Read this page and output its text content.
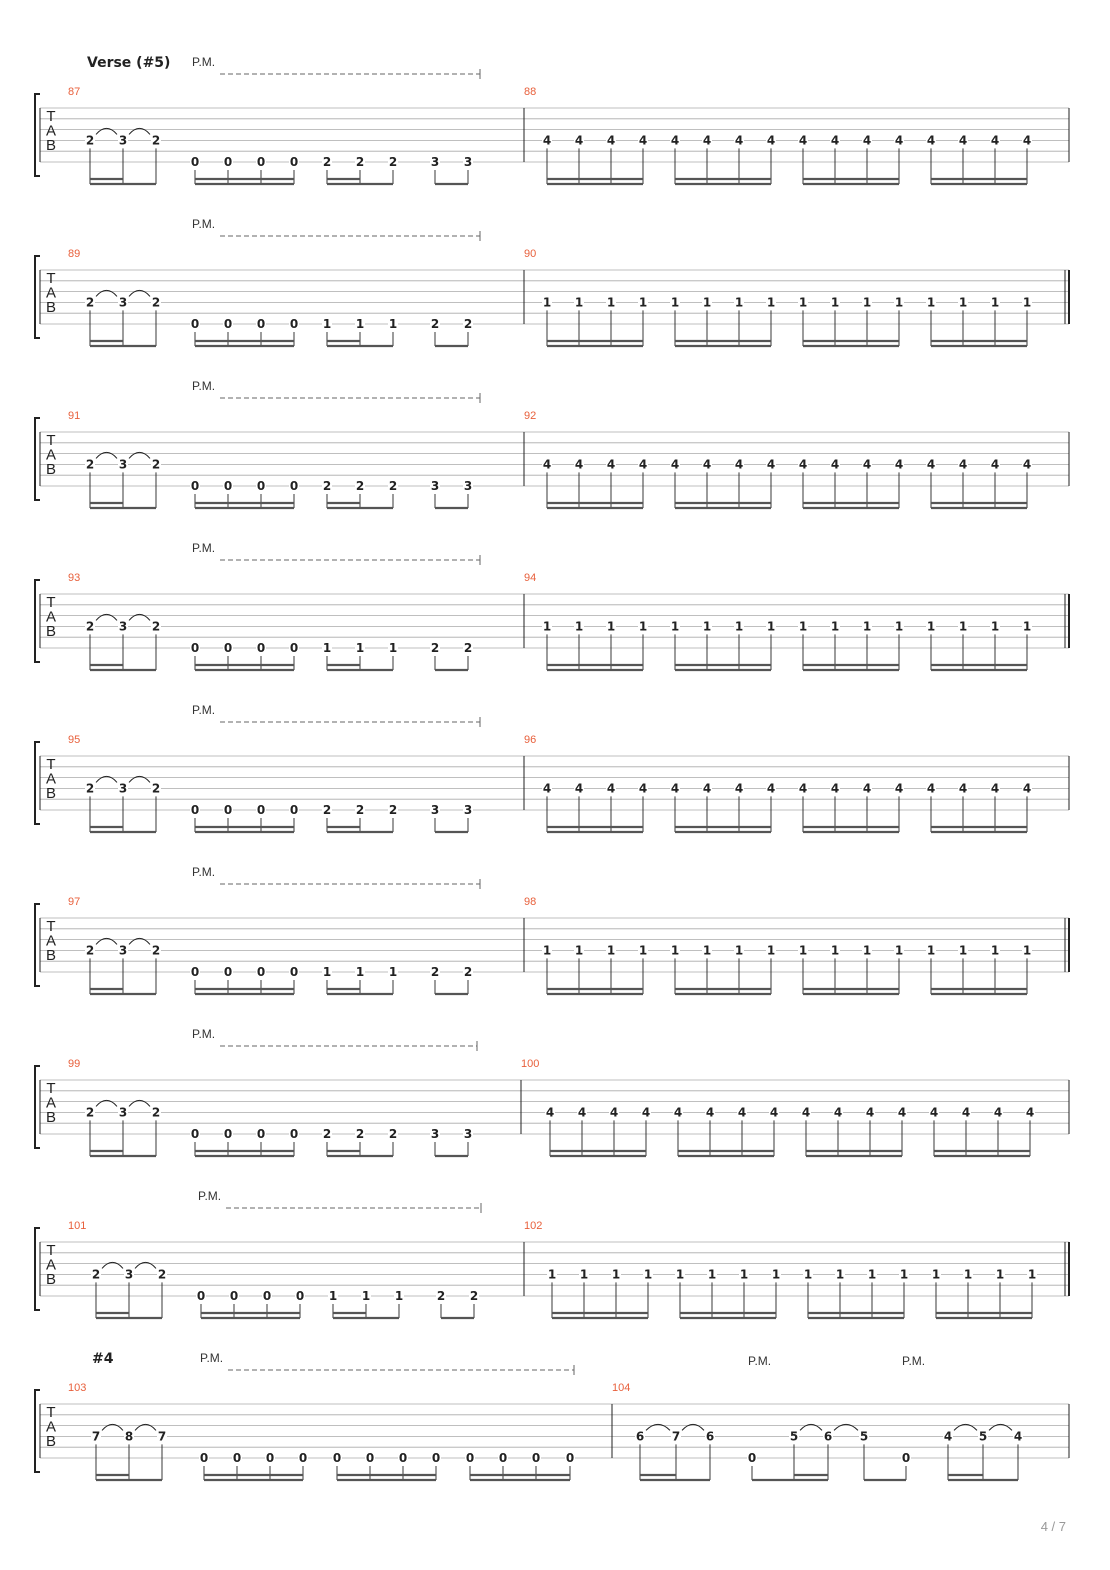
T
A
B
Verse (#5)
87
2 3 2
0 0 0 0 2 2 2	3 3
P.M.
88
4 4 4 4 4 4 4 4 4 4 4 4 4 4 4 4
T
A
B
89
2 3 2
0 0 0 0 1 1 1	2 2
P.M.
90
1 1 1 1 1 1 1 1 1 1 1 1 1 1 1 1
T
A
B
91
2 3 2
0 0 0 0 2 2 2	3 3
P.M.
92
4 4 4 4 4 4 4 4 4 4 4 4 4 4 4 4
T
A
B
93
2 3 2
0 0 0 0 1 1 1	2 2
P.M.
94
1 1 1 1 1 1 1 1 1 1 1 1 1 1 1 1
T
A
B
95
2 3 2
0 0 0 0 2 2 2	3 3
P.M.
96
4 4 4 4 4 4 4 4 4 4 4 4 4 4 4 4
T
A
B
97
2 3 2
0 0 0 0 1 1 1	2 2
P.M.
98
1 1 1 1 1 1 1 1 1 1 1 1 1 1 1 1
T
A
B
99
2 3 2
0 0 0 0 2 2 2	3 3
P.M.
100
4 4 4 4 4 4 4 4 4 4 4 4 4 4 4 4
T
A
B
101
2 3 2
0 0 0 0 1 1 1	2 2
P.M.
102
1 1 1 1 1 1 1 1 1 1 1 1 1 1 1 1
T
A
B
#4
103
7 8 7
0 0 0 0 0 0 0 0 0 0 0 0
P.M.
104
6 7 6
0
5 6 5
0
4 5 4
P.M.	P.M.
4 / 7
